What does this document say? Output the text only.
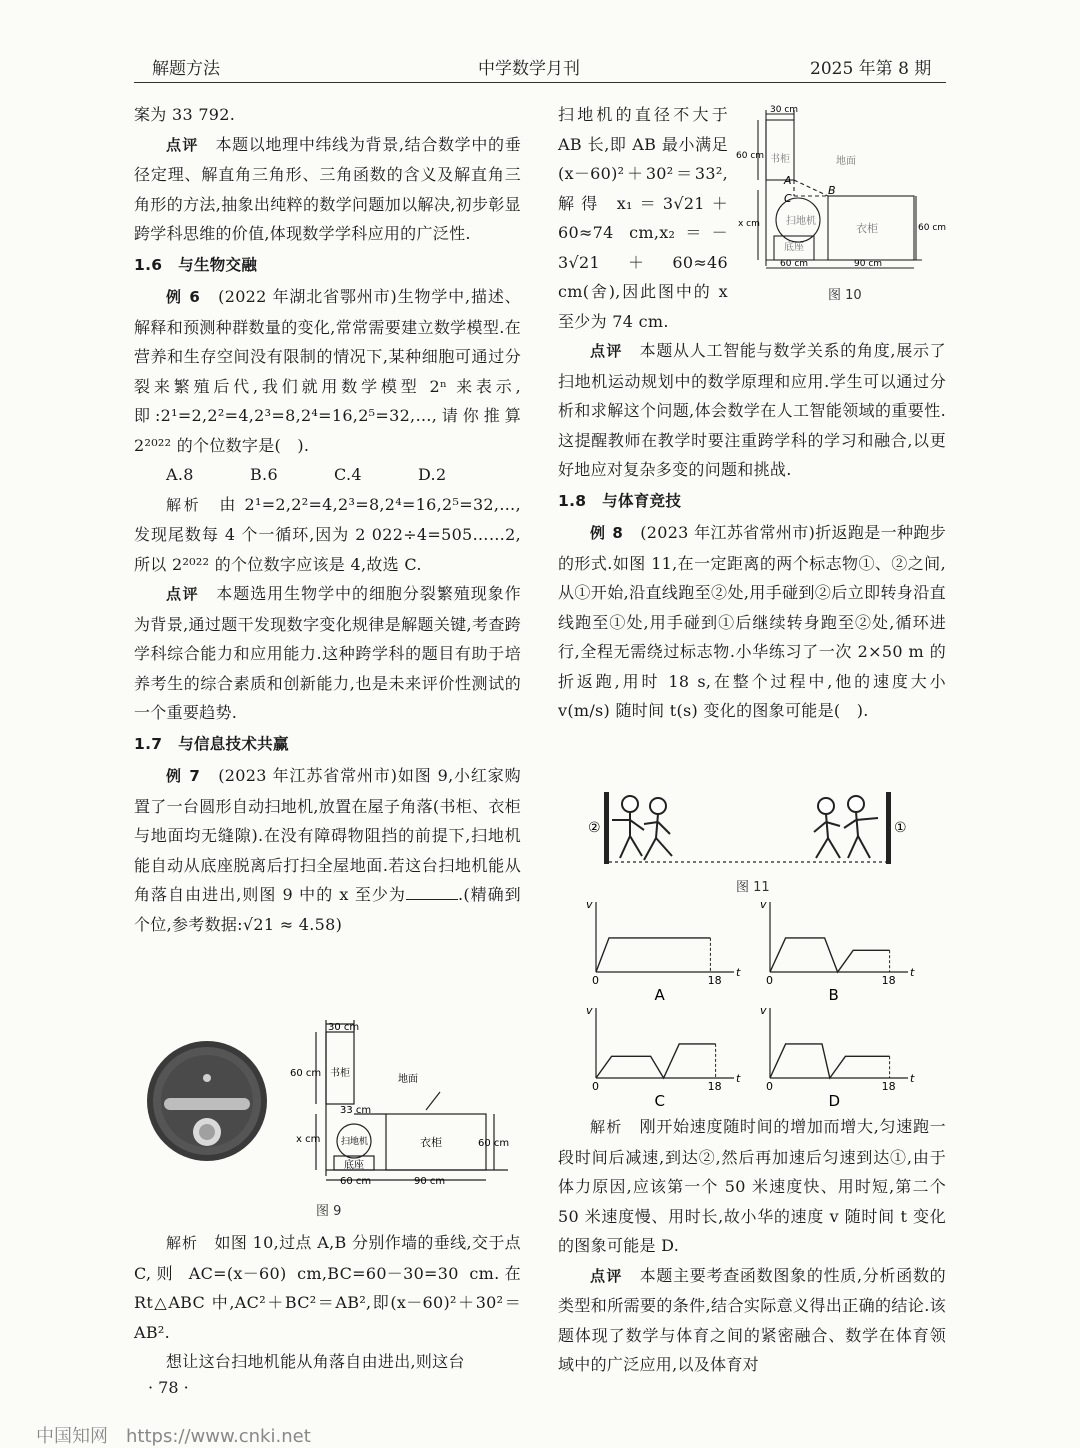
解题方法	中学数学月刊	2025 年第 8 期

案为 33 792.

点评　 本题以地理中纬线为背景,结合数学中的垂径定理、解直角三角形、三角函数的含义及解直角三角形的方法,抽象出纯粹的数学问题加以解决,初步彰显跨学科思维的价值,体现数学学科应用的广泛性.

1.6　与生物交融

例 6　 (2022 年湖北省鄂州市)生物学中,描述、解释和预测种群数量的变化,常常需要建立数学模型.在营养和生存空间没有限制的情况下,某种细胞可通过分裂来繁殖后代,我们就用数学模型 2ⁿ 来表示,即:2¹=2,2²=4,2³=8,2⁴=16,2⁵=32,…,请你推算 2²⁰²² 的个位数字是(　).

A.8	B.6	C.4	D.2

解析　 由 2¹=2,2²=4,2³=8,2⁴=16,2⁵=32,…,发现尾数每 4 个一循环,因为 2 022÷4=505……2,所以 2²⁰²² 的个位数字应该是 4,故选 C.

点评　 本题选用生物学中的细胞分裂繁殖现象作为背景,通过题干发现数字变化规律是解题关键,考查跨学科综合能力和应用能力.这种跨学科的题目有助于培养考生的综合素质和创新能力,也是未来评价性测试的一个重要趋势.

1.7　与信息技术共赢

例 7　 (2023 年江苏省常州市)如图 9,小红家购置了一台圆形自动扫地机,放置在屋子角落(书柜、衣柜与地面均无缝隙).在没有障碍物阻挡的前提下,扫地机能自动从底座脱离后打扫全屋地面.若这台扫地机能从角落自由进出,则图 9 中的 x 至少为	.(精确到个位,参考数据:√21 ≈ 4.58)

30 cm
60 cm 书柜
地面
33 cm
x cm 扫地机
底座
衣柜	60 cm
60 cm	90 cm
图 9

解析　 如图 10,过点 A,B 分别作墙的垂线,交于点 C,则 AC=(x－60) cm,BC=60－30=30 cm.在 Rt△ABC 中,AC²＋BC²＝AB²,即(x－60)²＋30²＝AB².

想让这台扫地机能从角落自由进出,则这台

· 78 ·

扫地机的直径不大于 AB 长,即 AB 最小满足(x－60)²＋30²＝33²,解得 x₁＝3√21＋60≈74 cm,x₂＝－3√21＋60≈46 cm(舍),因此图中的 x 至少为 74 cm.

30 cm
60 cm 书柜	地面
A
B
C
x cm	扫地机
底座
衣柜	60 cm
60 cm	90 cm
图 10

点评　 本题从人工智能与数学关系的角度,展示了扫地机运动规划中的数学原理和应用.学生可以通过分析和求解这个问题,体会数学在人工智能领域的重要性.这提醒教师在教学时要注重跨学科的学习和融合,以更好地应对复杂多变的问题和挑战.

1.8　与体育竞技

例 8　 (2023 年江苏省常州市)折返跑是一种跑步的形式.如图 11,在一定距离的两个标志物①、②之间,从①开始,沿直线跑至②处,用手碰到②后立即转身沿直线跑至①处,用手碰到①后继续转身跑至②处,循环进行,全程无需绕过标志物.小华练习了一次 2×50 m 的折返跑,用时 18 s,在整个过程中,他的速度大小 v(m/s) 随时间 t(s) 变化的图象可能是(　).

②	①
图 11
v
t
0	18
A
v
t
0	18
B
v
t
0	18
C
v
t
0	18
D

解析　 刚开始速度随时间的增加而增大,匀速跑一段时间后减速,到达②,然后再加速后匀速到达①,由于体力原因,应该第一个 50 米速度快、用时短,第二个 50 米速度慢、用时长,故小华的速度 v 随时间 t 变化的图象可能是 D.

点评　 本题主要考查函数图象的性质,分析函数的类型和所需要的条件,结合实际意义得出正确的结论.该题体现了数学与体育之间的紧密融合、数学在体育领域中的广泛应用,以及体育对

中国知网　https://www.cnki.net
